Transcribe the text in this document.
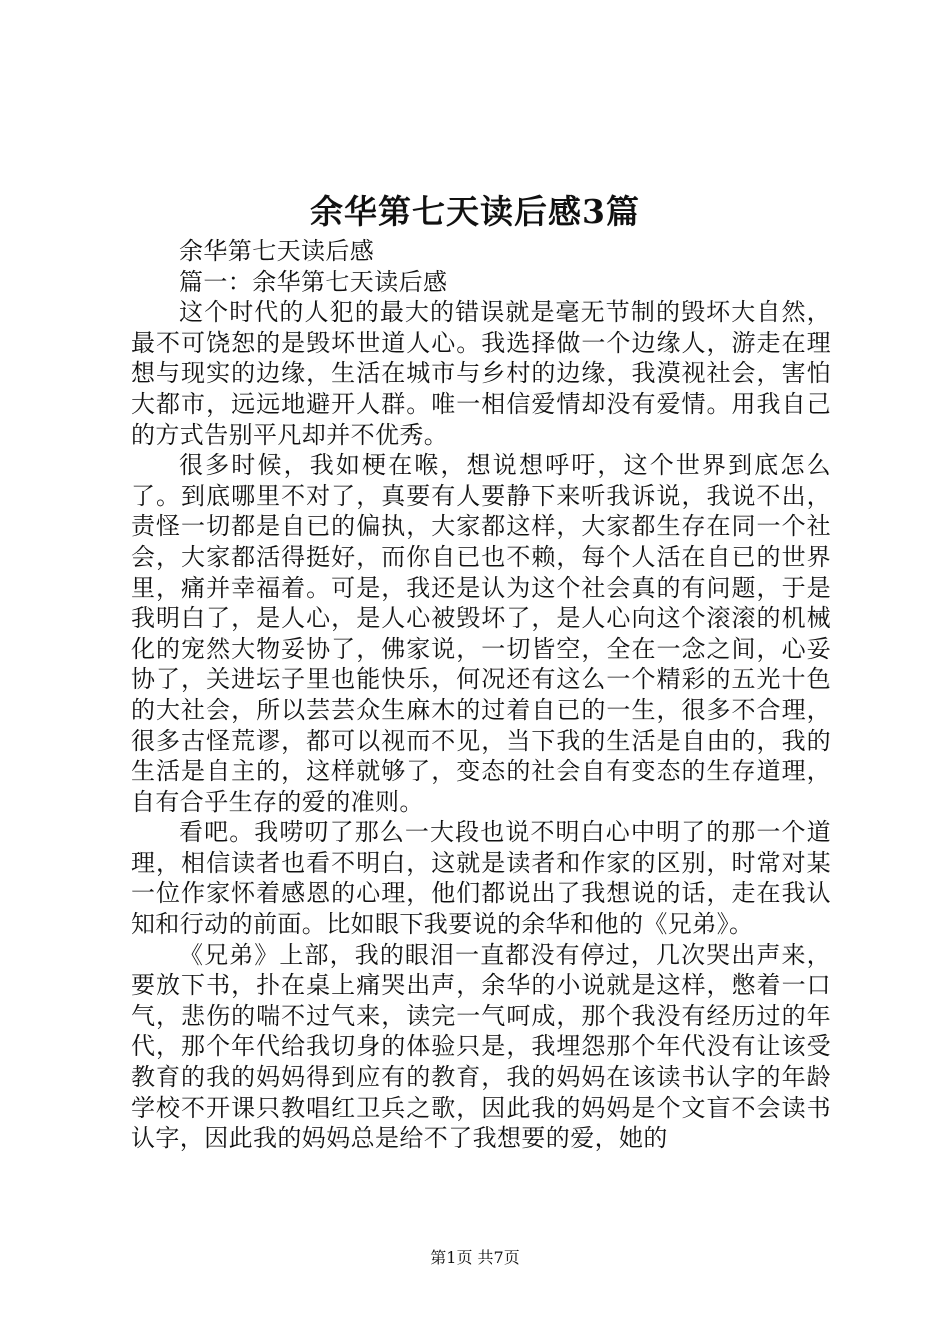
余华第七天读后感3篇

余华第七天读后感

篇一：余华第七天读后感

这个时代的人犯的最大的错误就是毫无节制的毁坏大自然，最不可饶恕的是毁坏世道人心。我选择做一个边缘人，游走在理想与现实的边缘，生活在城市与乡村的边缘，我漠视社会，害怕大都市，远远地避开人群。唯一相信爱情却没有爱情。用我自己的方式告别平凡却并不优秀。

很多时候，我如梗在喉，想说想呼吁，这个世界到底怎么了。到底哪里不对了，真要有人要静下来听我诉说，我说不出，责怪一切都是自已的偏执，大家都这样，大家都生存在同一个社会，大家都活得挺好，而你自已也不赖，每个人活在自已的世界里，痛并幸福着。可是，我还是认为这个社会真的有问题，于是我明白了，是人心，是人心被毁坏了，是人心向这个滚滚的机械化的宠然大物妥协了，佛家说，一切皆空，全在一念之间，心妥协了，关进坛子里也能快乐，何况还有这么一个精彩的五光十色的大社会，所以芸芸众生麻木的过着自已的一生，很多不合理，很多古怪荒谬，都可以视而不见，当下我的生活是自由的，我的生活是自主的，这样就够了，变态的社会自有变态的生存道理，自有合乎生存的爱的准则。

看吧。我唠叨了那么一大段也说不明白心中明了的那一个道理，相信读者也看不明白，这就是读者和作家的区别，时常对某一位作家怀着感恩的心理，他们都说出了我想说的话，走在我认知和行动的前面。比如眼下我要说的余华和他的《兄弟》。

《兄弟》上部，我的眼泪一直都没有停过，几次哭出声来，要放下书，扑在桌上痛哭出声，余华的小说就是这样，憋着一口气，悲伤的喘不过气来，读完一气呵成，那个我没有经历过的年代，那个年代给我切身的体验只是，我埋怨那个年代没有让该受教育的我的妈妈得到应有的教育，我的妈妈在该读书认字的年龄学校不开课只教唱红卫兵之歌，因此我的妈妈是个文盲不会读书认字，因此我的妈妈总是给不了我想要的爱，她的

第1页 共7页
